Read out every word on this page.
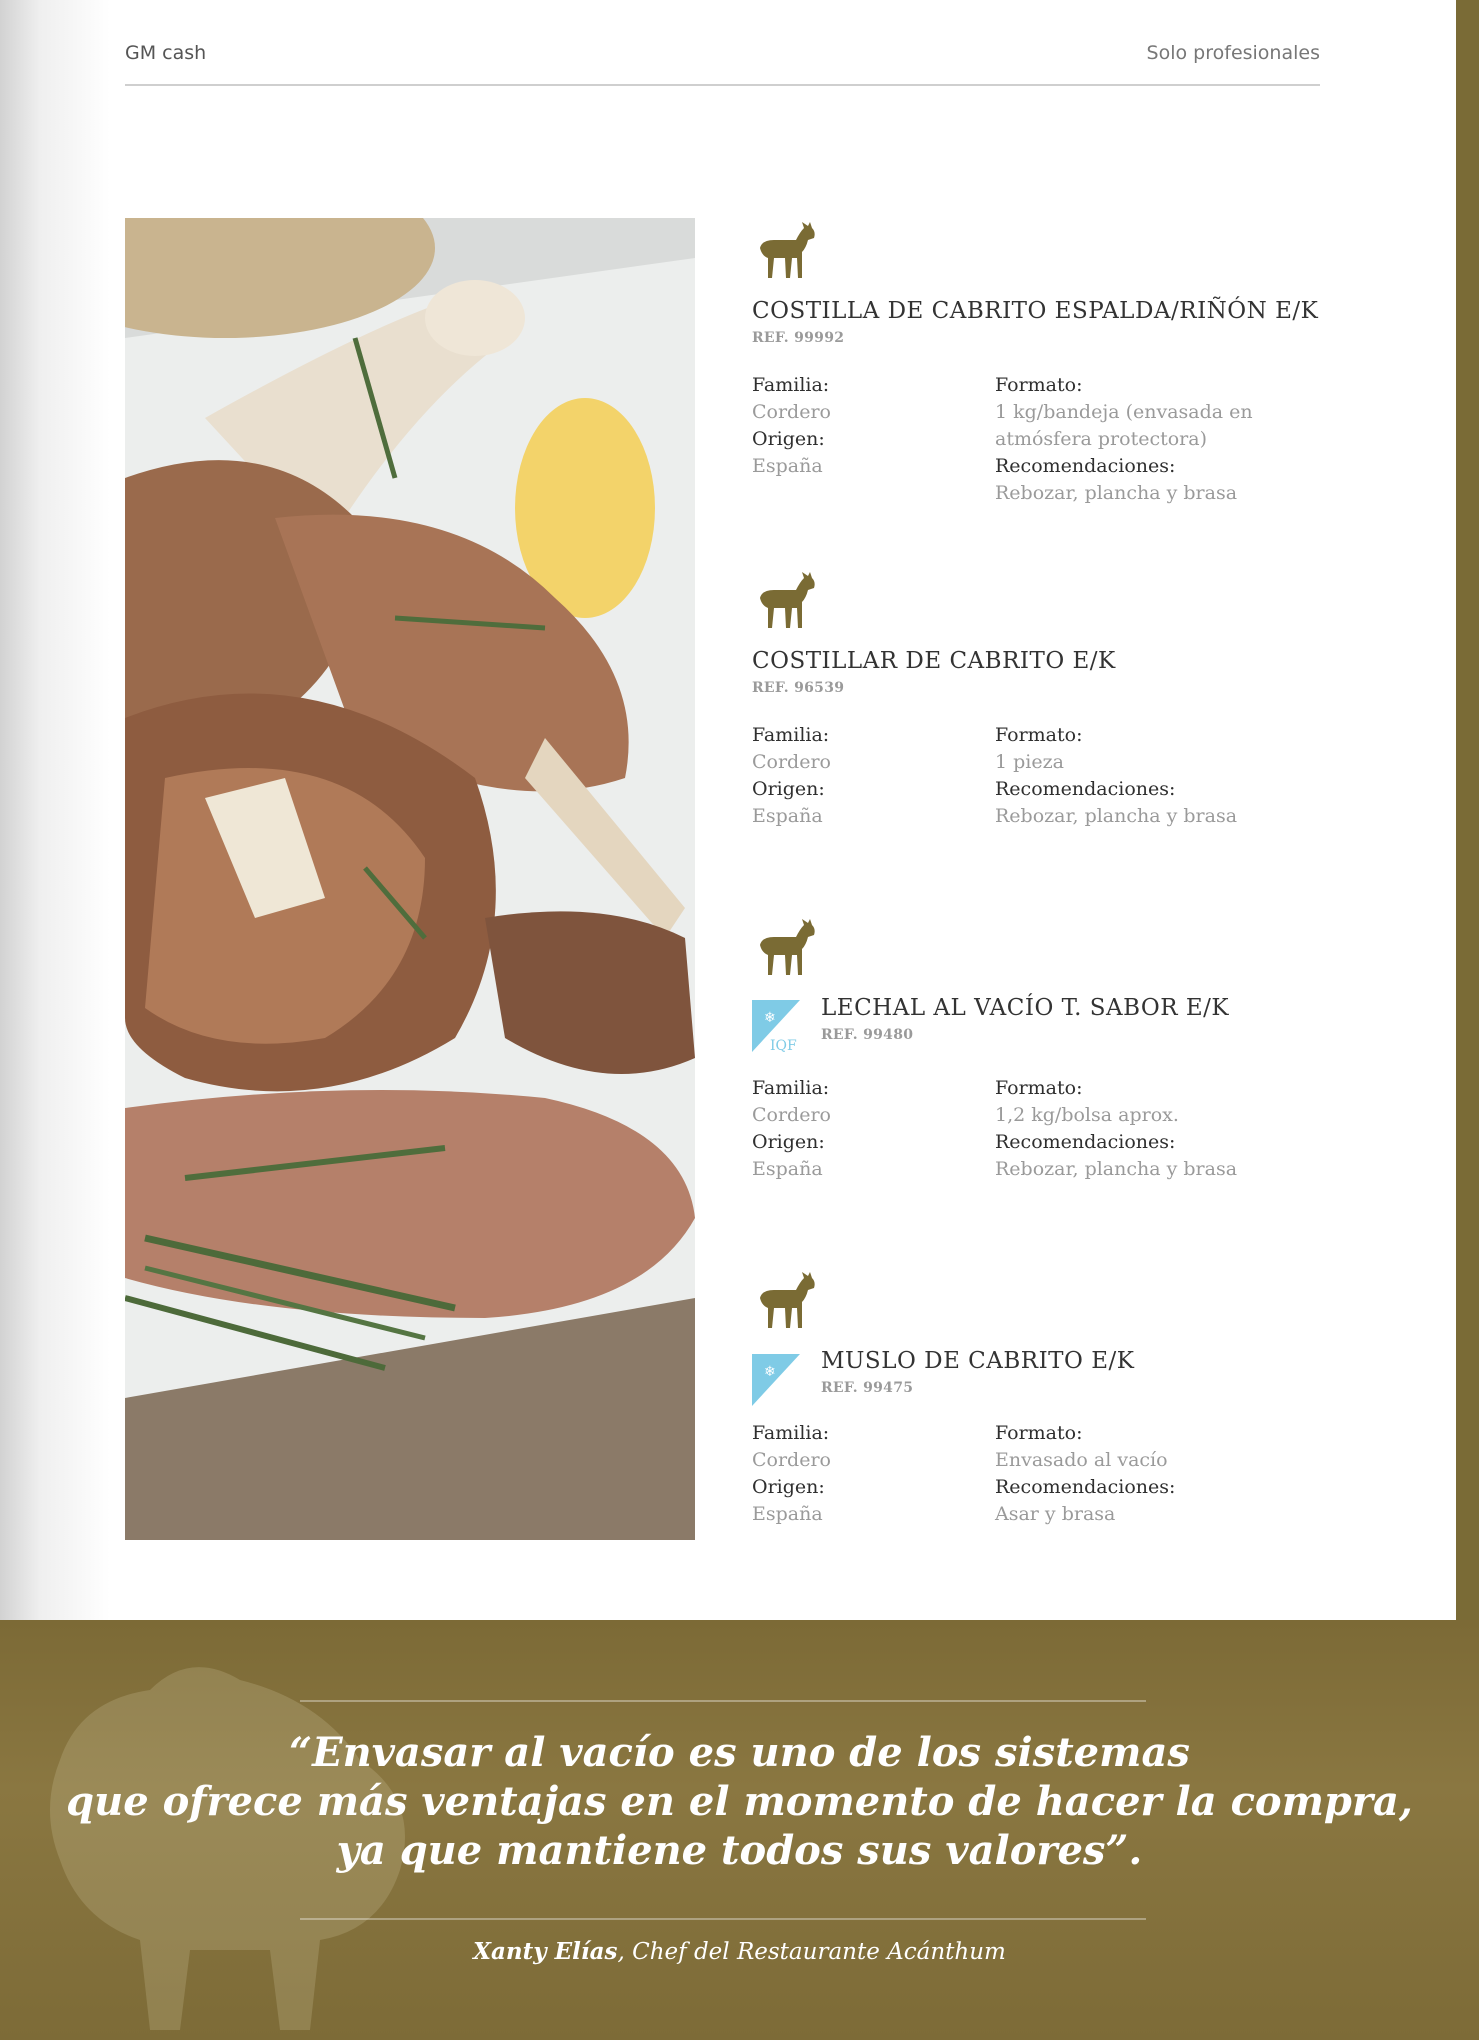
GM cash	Solo profesionales
COSTILLA DE CABRITO ESPALDA/RIÑÓN E/K
REF. 99992
Familia:
Cordero
Origen:
España
Formato:
1 kg/bandeja (envasada en
atmósfera protectora)
Recomendaciones:
Rebozar, plancha y brasa
COSTILLAR DE CABRITO E/K
REF. 96539
Familia:
Cordero
Origen:
España
Formato:
1 pieza
Recomendaciones:
Rebozar, plancha y brasa
❄
IQF
LECHAL AL VACÍO T. SABOR E/K
REF. 99480
Familia:
Cordero
Origen:
España
Formato:
1,2 kg/bolsa aprox.
Recomendaciones:
Rebozar, plancha y brasa
❄ MUSLO DE CABRITO E/K
REF. 99475
Familia:
Cordero
Origen:
España
Formato:
Envasado al vacío
Recomendaciones:
Asar y brasa
“Envasar al vacío es uno de los sistemas
que ofrece más ventajas en el momento de hacer la compra,
ya que mantiene todos sus valores”.
Xanty Elías, Chef del Restaurante Acánthum
